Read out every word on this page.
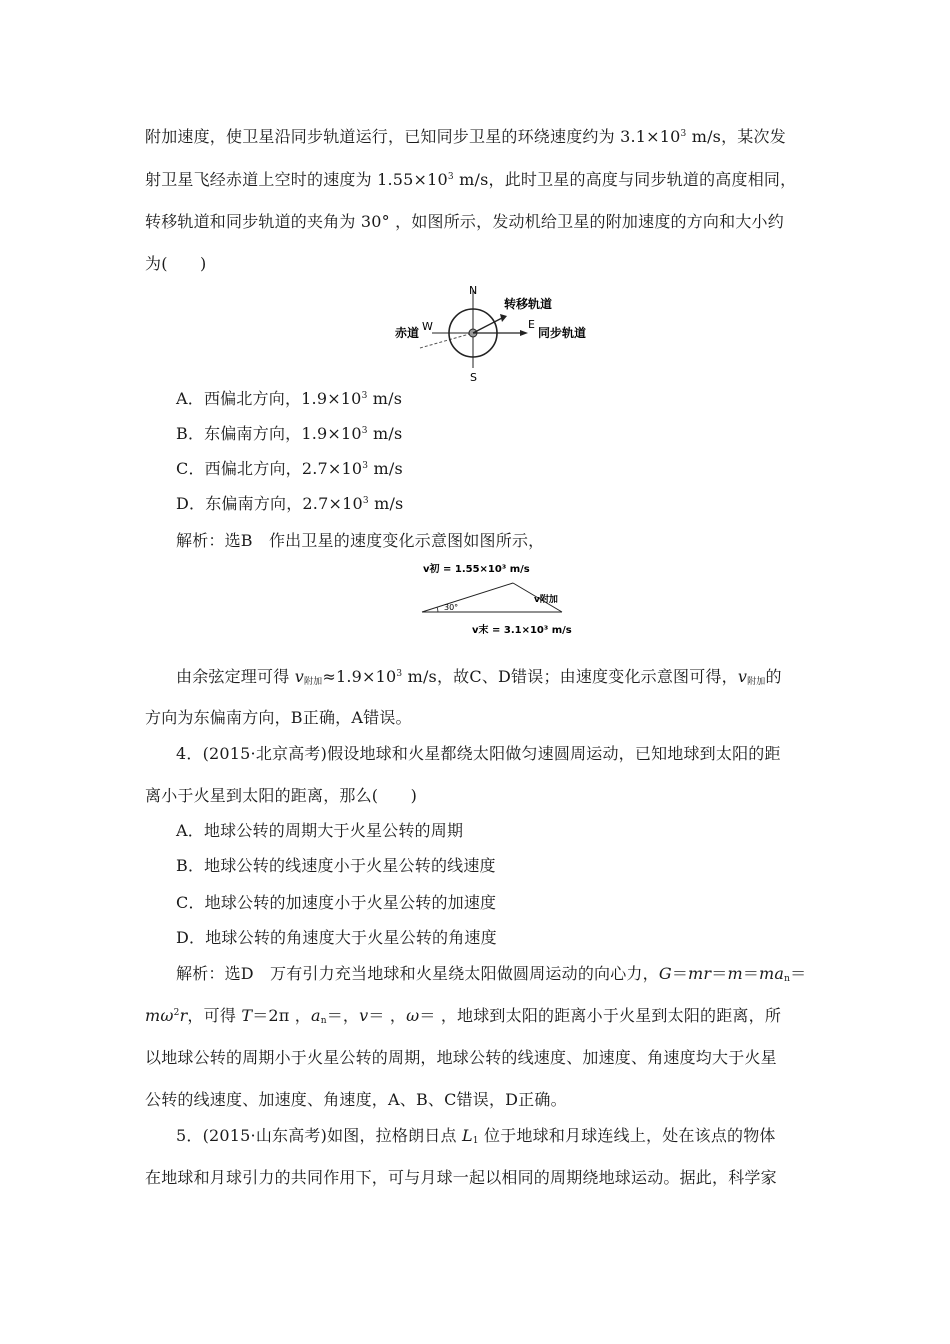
附加速度，使卫星沿同步轨道运行，已知同步卫星的环绕速度约为 $3.1\times 10^3$ m/s，某次发
射卫星飞经赤道上空时的速度为 $1.55\times 10^3$ m/s，此时卫星的高度与同步轨道的高度相同，
转移轨道和同步轨道的夹角为 30° ，如图所示，发动机给卫星的附加速度的方向和大小约
为(　　)
N
S
E
W
赤道
转移轨道
同步轨道
A．西偏北方向，$1.9\times 10^3$ m/s
B．东偏南方向，$1.9\times 10^3$ m/s
C．西偏北方向，$2.7\times 10^3$ m/s
D．东偏南方向，$2.7\times 10^3$ m/s
解析：选B　作出卫星的速度变化示意图如图所示，
v初 = 1.55×10³ m/s
v附加
v末 = 3.1×10³ m/s
30°
由余弦定理可得 $v_{附加}\approx 1.9\times 10^3$ m/s，故C、D错误；由速度变化示意图可得，$v_{附加}$的
方向为东偏南方向，B正确，A错误。
4．(2015·北京高考)假设地球和火星都绕太阳做匀速圆周运动，已知地球到太阳的距
离小于火星到太阳的距离，那么(　　)
A．地球公转的周期大于火星公转的周期
B．地球公转的线速度小于火星公转的线速度
C．地球公转的加速度小于火星公转的加速度
D．地球公转的角速度大于火星公转的角速度
解析：选D　万有引力充当地球和火星绕太阳做圆周运动的向心力，$G=mr=m=ma_n=$
$m\omega^2r$，可得 T＝2π ，$a_n=$，v＝ ，ω＝ ，地球到太阳的距离小于火星到太阳的距离，所
以地球公转的周期小于火星公转的周期，地球公转的线速度、加速度、角速度均大于火星
公转的线速度、加速度、角速度，A、B、C错误，D正确。
5．(2015·山东高考)如图，拉格朗日点 $L_1$ 位于地球和月球连线上，处在该点的物体
在地球和月球引力的共同作用下，可与月球一起以相同的周期绕地球运动。据此，科学家
